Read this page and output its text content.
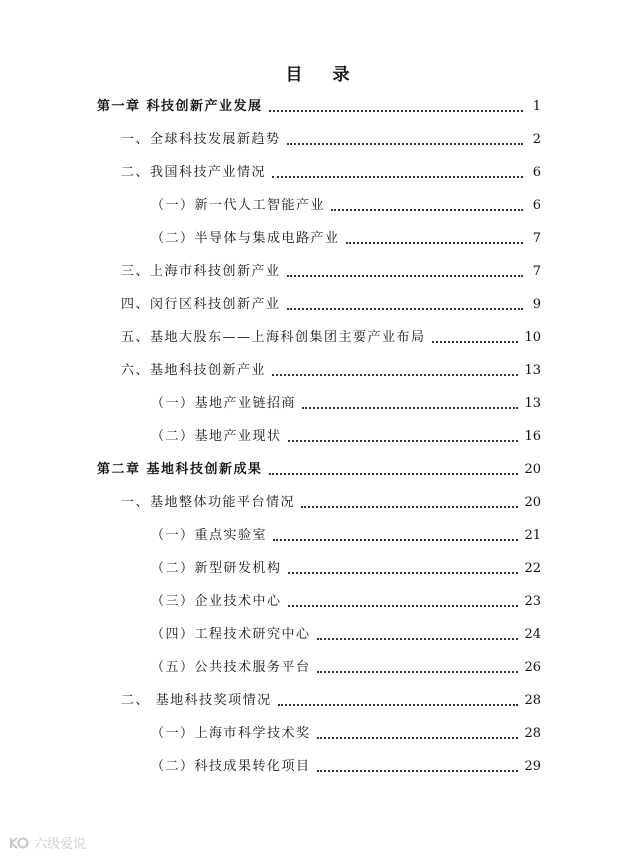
目 录
第一章 科技创新产业发展	1
一、全球科技发展新趋势	2
二、我国科技产业情况	6
（一）新一代人工智能产业	6
（二）半导体与集成电路产业	7
三、上海市科技创新产业	7
四、闵行区科技创新产业	9
五、基地大股东——上海科创集团主要产业布局	10
六、基地科技创新产业	13
（一）基地产业链招商	13
（二）基地产业现状	16
第二章 基地科技创新成果	20
一、基地整体功能平台情况	20
（一）重点实验室	21
（二）新型研发机构	22
（三）企业技术中心	23
（四）工程技术研究中心	24
（五）公共技术服务平台	26
二、 基地科技奖项情况	28
（一）上海市科学技术奖	28
（二）科技成果转化项目	29
六级爱说
